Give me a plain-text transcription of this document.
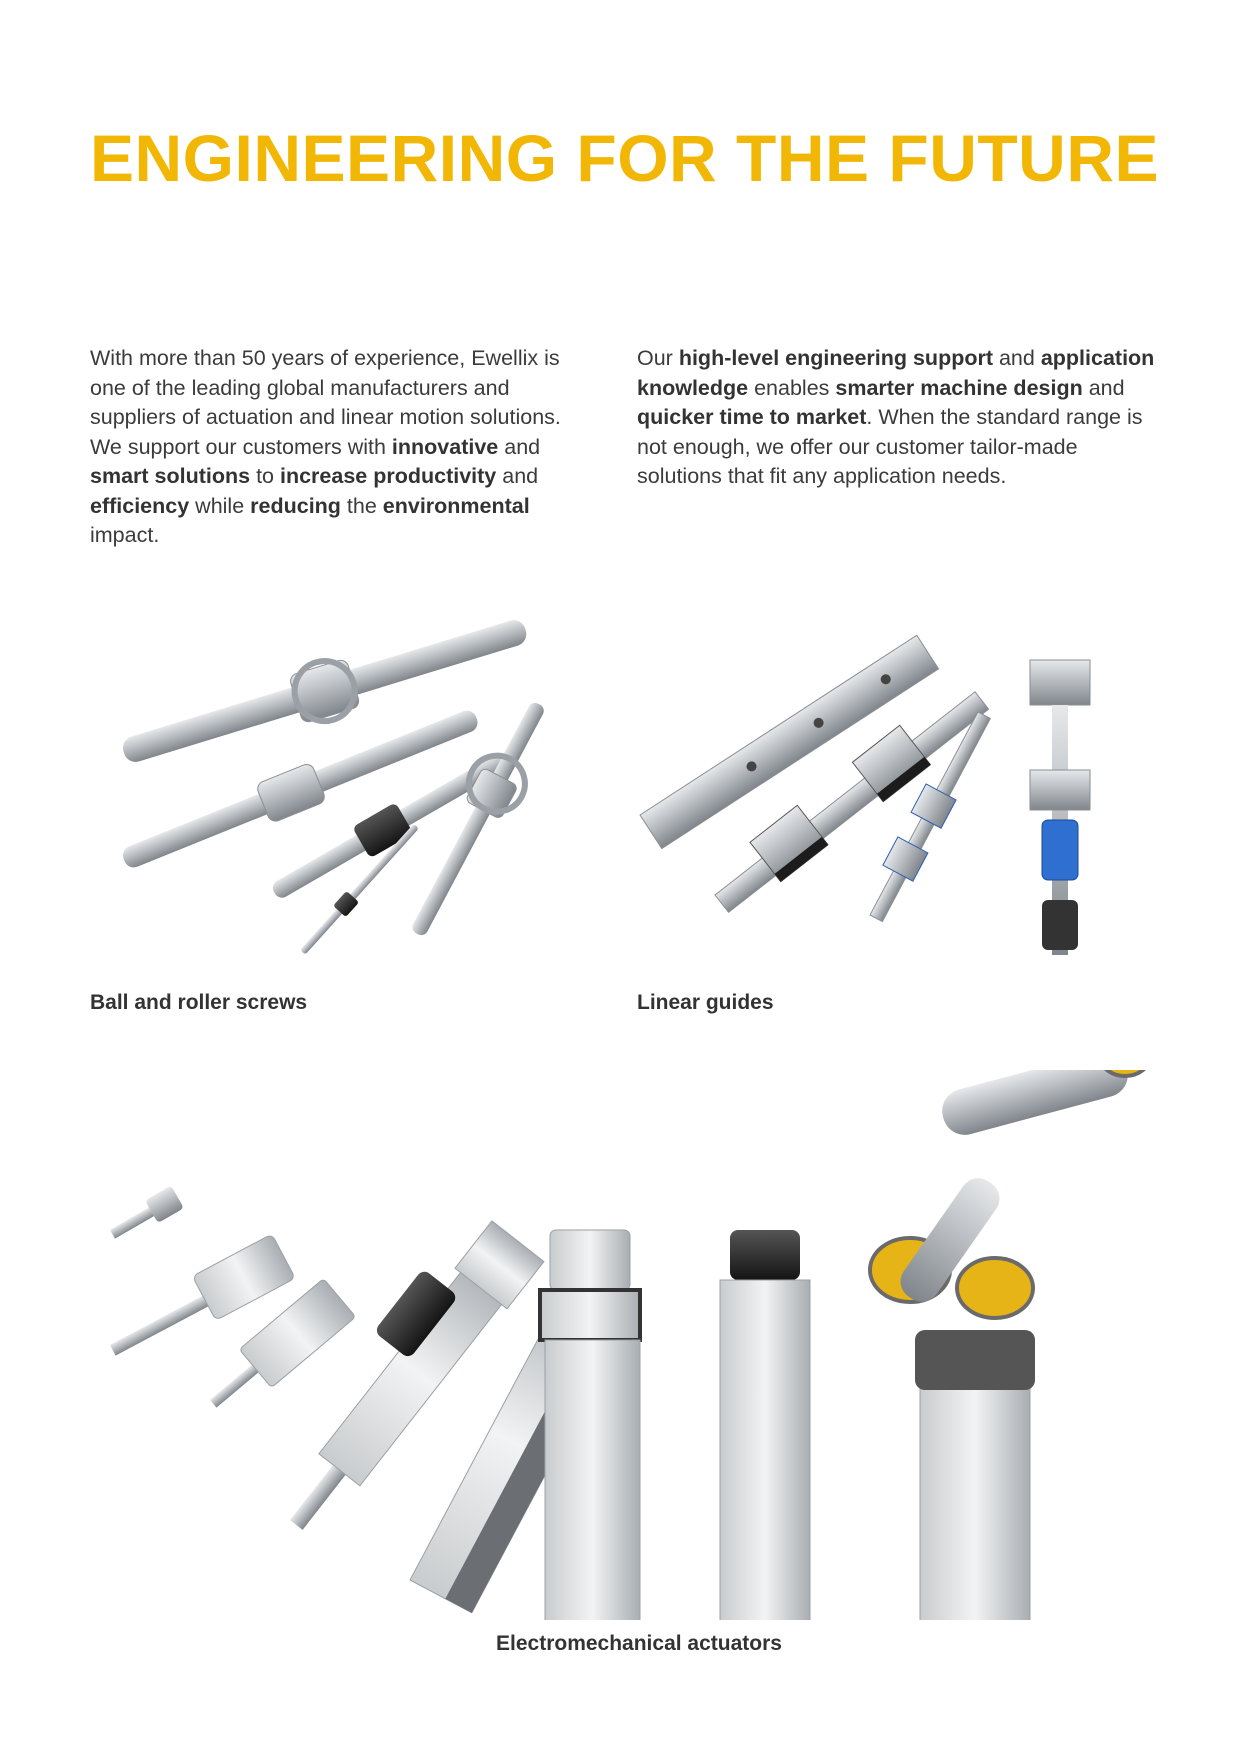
ENGINEERING FOR THE FUTURE

With more than 50 years of experience, Ewellix is one of the leading global manufacturers and suppliers of actuation and linear motion solutions. We support our customers with innovative and smart solutions to increase productivity and efficiency while reducing the environmental impact.

Our high-level engineering support and application knowledge enables smarter machine design and quicker time to market. When the standard range is not enough, we offer our customer tailor-made solutions that fit any application needs.

Ball and roller screws	Linear guides

Electromechanical actuators
